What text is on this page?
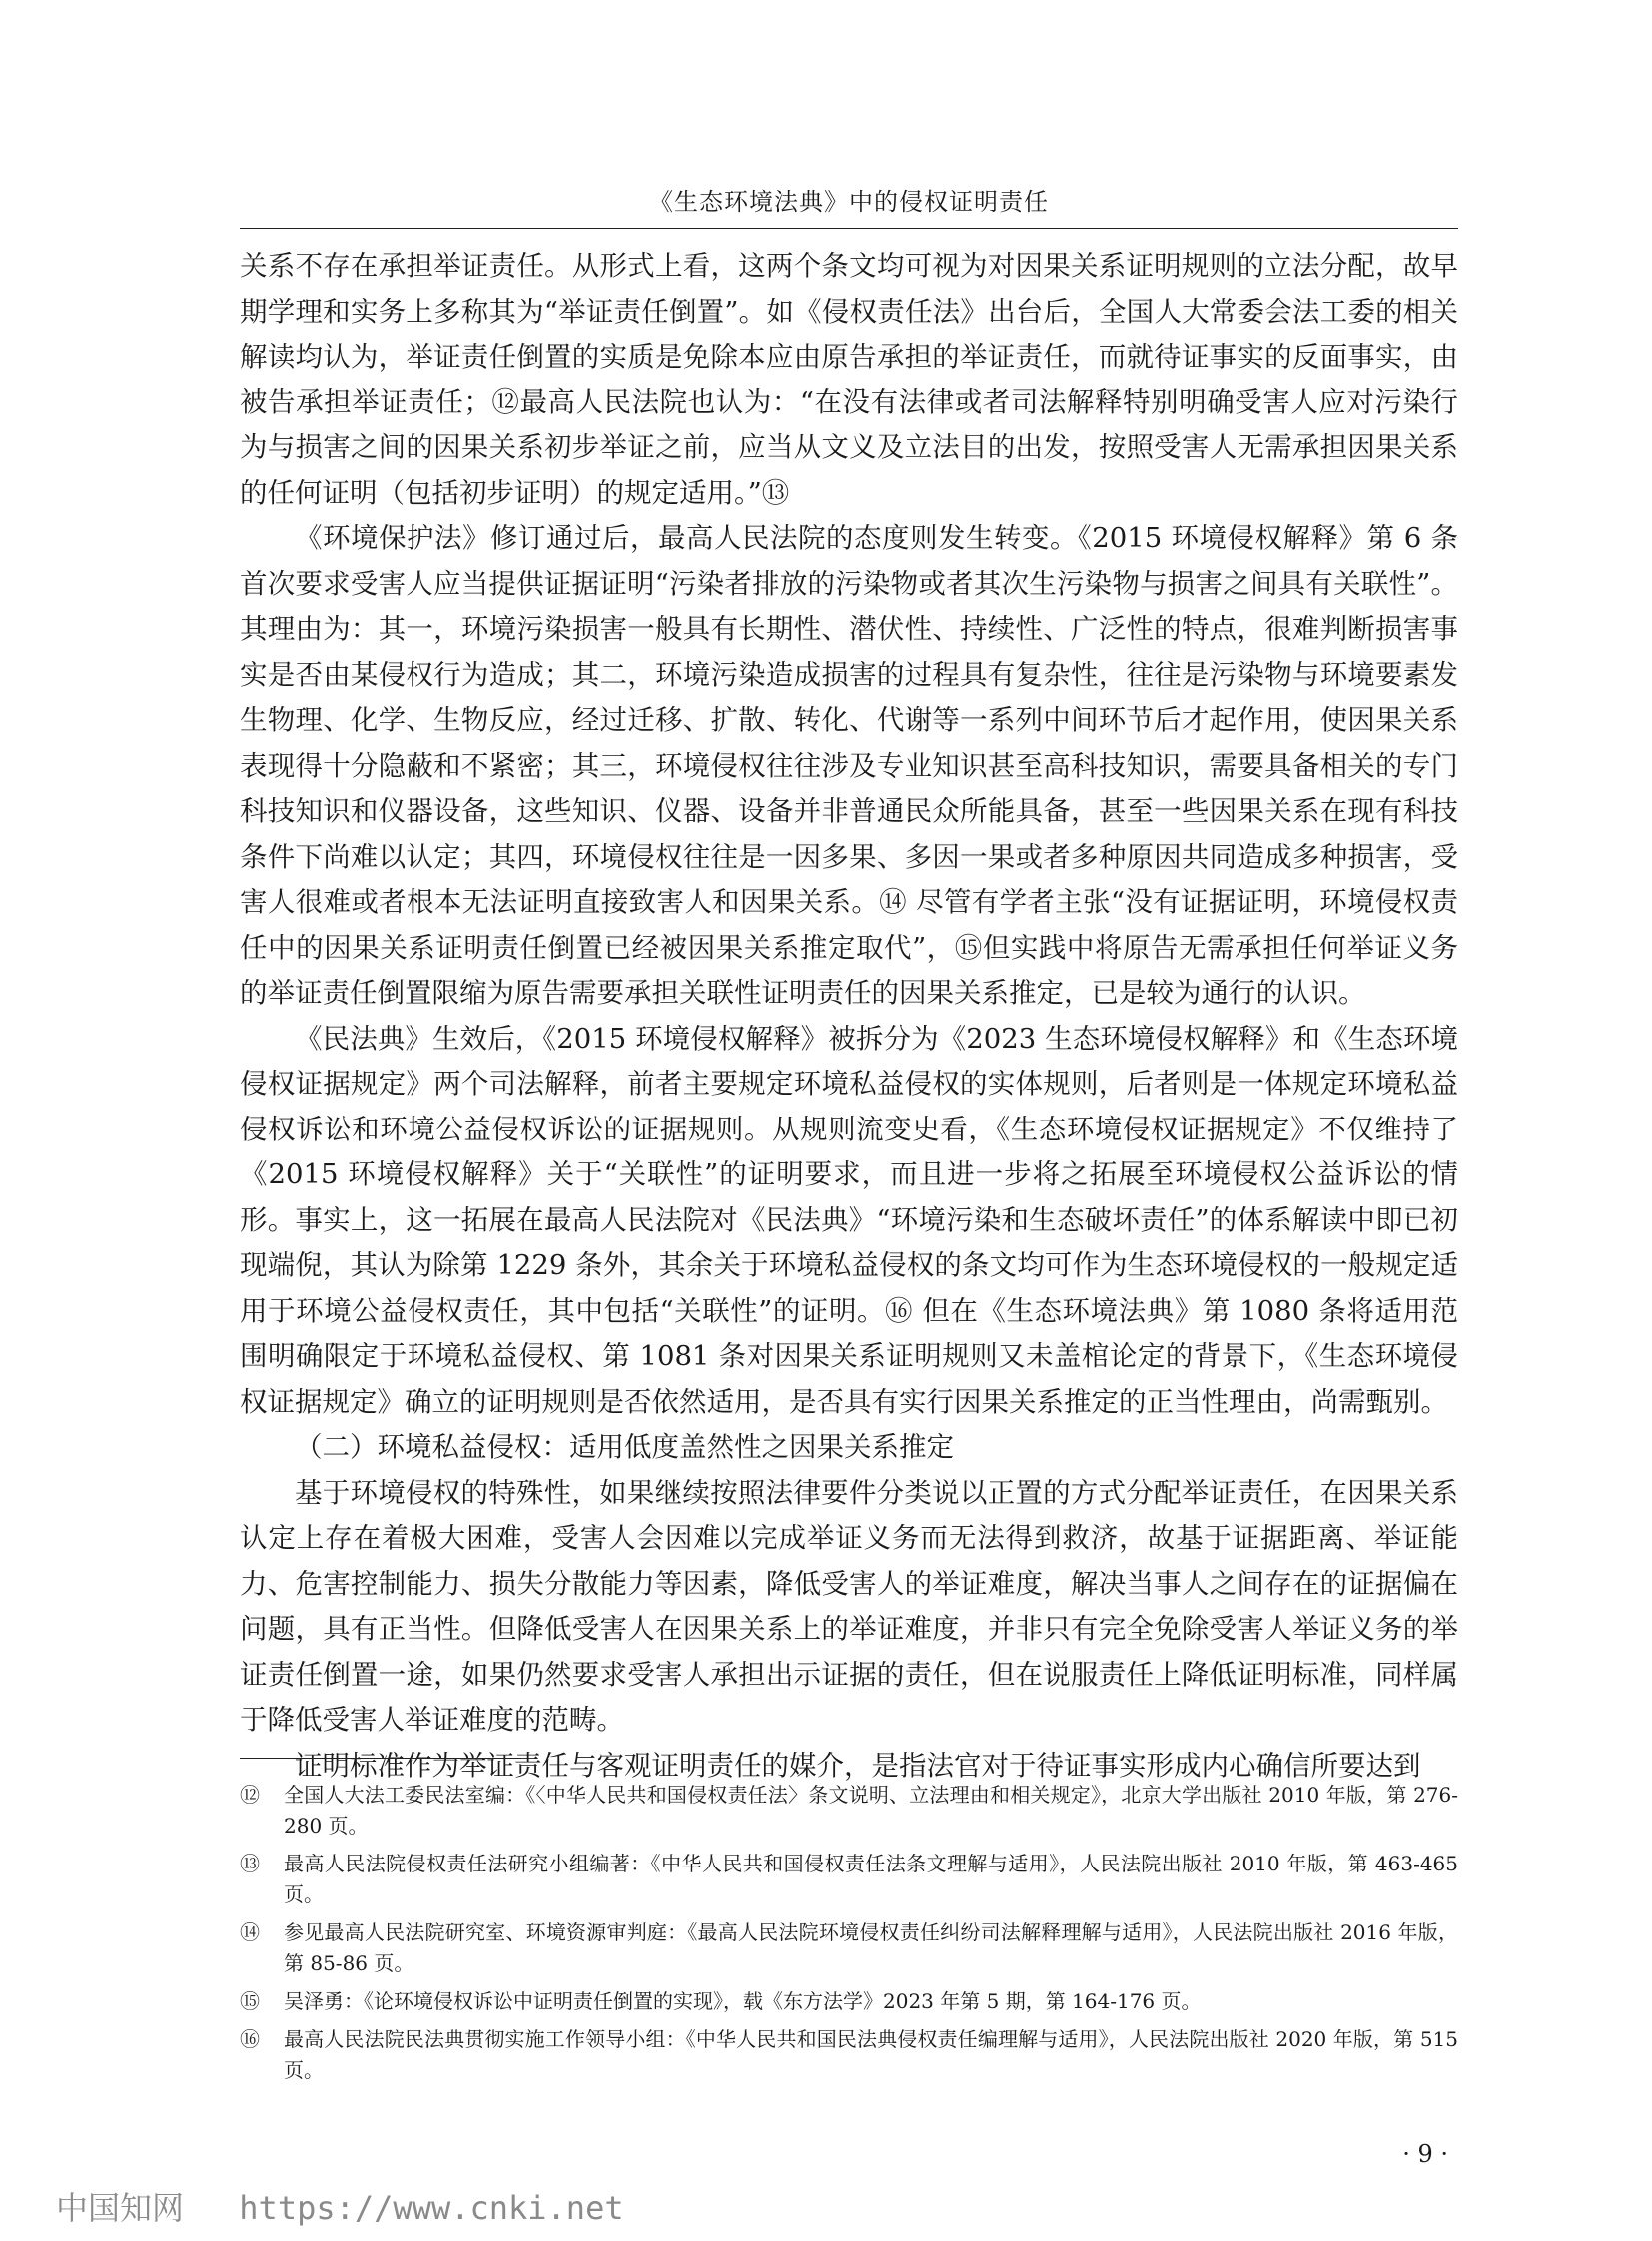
《生态环境法典》中的侵权证明责任

关系不存在承担举证责任。从形式上看，这两个条文均可视为对因果关系证明规则的立法分配，故早期学理和实务上多称其为“举证责任倒置”。如《侵权责任法》出台后，全国人大常委会法工委的相关解读均认为，举证责任倒置的实质是免除本应由原告承担的举证责任，而就待证事实的反面事实，由被告承担举证责任；⑫最高人民法院也认为：“在没有法律或者司法解释特别明确受害人应对污染行为与损害之间的因果关系初步举证之前，应当从文义及立法目的出发，按照受害人无需承担因果关系的任何证明（包括初步证明）的规定适用。”⑬

《环境保护法》修订通过后，最高人民法院的态度则发生转变。《2015 环境侵权解释》第 6 条首次要求受害人应当提供证据证明“污染者排放的污染物或者其次生污染物与损害之间具有关联性”。其理由为：其一，环境污染损害一般具有长期性、潜伏性、持续性、广泛性的特点，很难判断损害事实是否由某侵权行为造成；其二，环境污染造成损害的过程具有复杂性，往往是污染物与环境要素发生物理、化学、生物反应，经过迁移、扩散、转化、代谢等一系列中间环节后才起作用，使因果关系表现得十分隐蔽和不紧密；其三，环境侵权往往涉及专业知识甚至高科技知识，需要具备相关的专门科技知识和仪器设备，这些知识、仪器、设备并非普通民众所能具备，甚至一些因果关系在现有科技条件下尚难以认定；其四，环境侵权往往是一因多果、多因一果或者多种原因共同造成多种损害，受害人很难或者根本无法证明直接致害人和因果关系。⑭ 尽管有学者主张“没有证据证明，环境侵权责任中的因果关系证明责任倒置已经被因果关系推定取代”，⑮但实践中将原告无需承担任何举证义务的举证责任倒置限缩为原告需要承担关联性证明责任的因果关系推定，已是较为通行的认识。

《民法典》生效后，《2015 环境侵权解释》被拆分为《2023 生态环境侵权解释》和《生态环境侵权证据规定》两个司法解释，前者主要规定环境私益侵权的实体规则，后者则是一体规定环境私益侵权诉讼和环境公益侵权诉讼的证据规则。从规则流变史看，《生态环境侵权证据规定》不仅维持了《2015 环境侵权解释》关于“关联性”的证明要求，而且进一步将之拓展至环境侵权公益诉讼的情形。事实上，这一拓展在最高人民法院对《民法典》“环境污染和生态破坏责任”的体系解读中即已初现端倪，其认为除第 1229 条外，其余关于环境私益侵权的条文均可作为生态环境侵权的一般规定适用于环境公益侵权责任，其中包括“关联性”的证明。⑯ 但在《生态环境法典》第 1080 条将适用范围明确限定于环境私益侵权、第 1081 条对因果关系证明规则又未盖棺论定的背景下，《生态环境侵权证据规定》确立的证明规则是否依然适用，是否具有实行因果关系推定的正当性理由，尚需甄别。

（二）环境私益侵权：适用低度盖然性之因果关系推定

基于环境侵权的特殊性，如果继续按照法律要件分类说以正置的方式分配举证责任，在因果关系认定上存在着极大困难，受害人会因难以完成举证义务而无法得到救济，故基于证据距离、举证能力、危害控制能力、损失分散能力等因素，降低受害人的举证难度，解决当事人之间存在的证据偏在问题，具有正当性。但降低受害人在因果关系上的举证难度，并非只有完全免除受害人举证义务的举证责任倒置一途，如果仍然要求受害人承担出示证据的责任，但在说服责任上降低证明标准，同样属于降低受害人举证难度的范畴。

证明标准作为举证责任与客观证明责任的媒介，是指法官对于待证事实形成内心确信所要达到

⑫ 全国人大法工委民法室编：《〈中华人民共和国侵权责任法〉条文说明、立法理由和相关规定》，北京大学出版社 2010 年版，第 276-280 页。
⑬ 最高人民法院侵权责任法研究小组编著：《中华人民共和国侵权责任法条文理解与适用》，人民法院出版社 2010 年版，第 463-465 页。
⑭ 参见最高人民法院研究室、环境资源审判庭：《最高人民法院环境侵权责任纠纷司法解释理解与适用》，人民法院出版社 2016 年版，第 85-86 页。
⑮ 吴泽勇：《论环境侵权诉讼中证明责任倒置的实现》，载《东方法学》2023 年第 5 期，第 164-176 页。
⑯ 最高人民法院民法典贯彻实施工作领导小组：《中华人民共和国民法典侵权责任编理解与适用》，人民法院出版社 2020 年版，第 515 页。
· 9 ·
中国知网 https://www.cnki.net
